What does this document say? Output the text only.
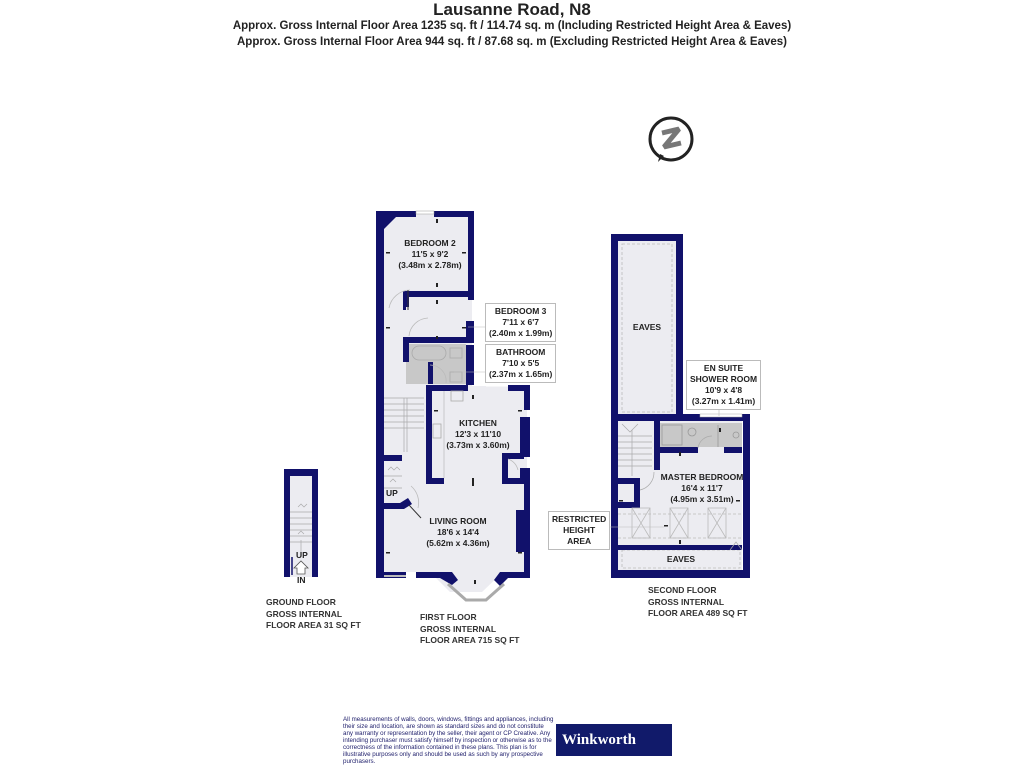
Lausanne Road, N8
Approx. Gross Internal Floor Area 1235 sq. ft / 114.74 sq. m (Including Restricted Height Area & Eaves)
Approx. Gross Internal Floor Area 944 sq. ft / 87.68 sq. m (Excluding Restricted Height Area & Eaves)
BEDROOM 2
11'5 x 9'2
(3.48m x 2.78m)
BEDROOM 3
7'11 x 6'7
(2.40m x 1.99m)
BATHROOM
7'10 x 5'5
(2.37m x 1.65m)
KITCHEN
12'3 x 11'10
(3.73m x 3.60m)
LIVING ROOM
18'6 x 14'4
(5.62m x 4.36m)
UP
UP
IN
EAVES
EN SUITE
SHOWER ROOM
10'9 x 4'8
(3.27m x 1.41m)
MASTER BEDROOM
16'4 x 11'7
(4.95m x 3.51m)
EAVES
RESTRICTED
HEIGHT
AREA
GROUND FLOOR
GROSS INTERNAL
FLOOR AREA 31 SQ FT
FIRST FLOOR
GROSS INTERNAL
FLOOR AREA 715 SQ FT
SECOND FLOOR
GROSS INTERNAL
FLOOR AREA 489 SQ FT
All measurements of walls, doors, windows, fittings and appliances, including their size and location, are shown as standard sizes and do not constitute any warranty or representation by the seller, their agent or CP Creative. Any intending purchaser must satisfy himself by inspection or otherwise as to the correctness of the information contained in these plans. This plan is for illustrative purposes only and should be used as such by any prospective purchasers.
Winkworth
